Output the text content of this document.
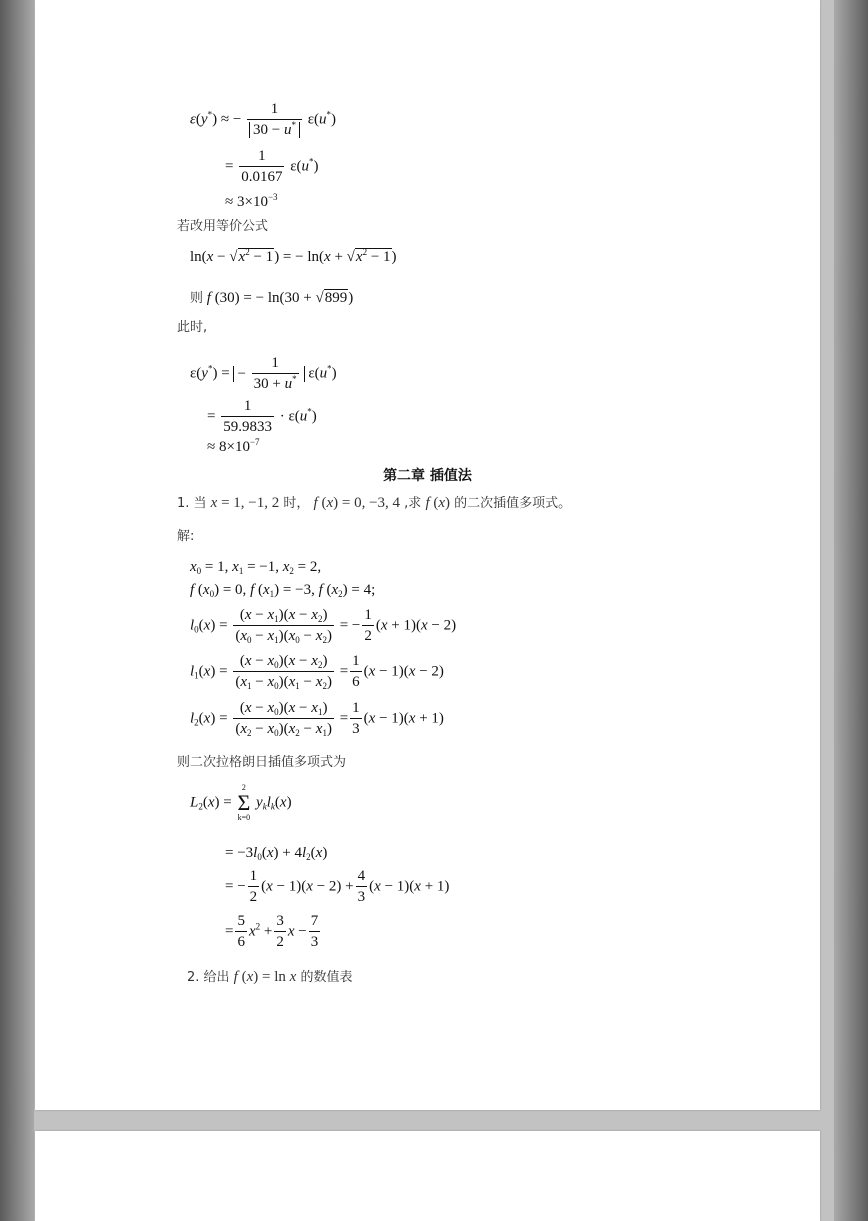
ε(y*) ≈ − $\frac{1}{30 - u^*} \varepsilon(u^*)$
= $\frac{1}{0.0167} \varepsilon(u^*)$
≈ $3\times 10^{-3}$
若改用等价公式
$\ln(x - √x^2 - 1)$ = − $\ln(x + √x^2 - 1)$
则 f (30) = − ln(30 + √899)
此时,
ε(y*) = − $\frac{1}{30 + u^*} \varepsilon(u^*)$
= $\frac{1}{59.9833} \cdot \varepsilon(u^*)$
≈ $8\times 10^{-7}$
第二章 插值法
1. 当 x = 1, −1, 2 时， f (x) = 0, −3, 4 ,求 f (x) 的二次插值多项式。
解:
$x_0 = 1$, $x_1 = -1$, $x_2 = 2$,
f $(x_0) = 0$, f $(x_1) = -3$, f $(x_2) = 4$;
$l_0(x) = \frac{(x - x_1)(x - x_2)}{(x_0 - x_1)(x_0 - x_2)}$ = − $\frac{1}{2} (x + 1)(x - 2)$
$l_1(x) = \frac{(x - x_0)(x - x_2)}{(x_1 - x_0)(x_1 - x_2)} = \frac{1}{6} (x - 1)(x - 2)$
$l_2(x) = \frac{(x - x_0)(x - x_1)}{(x_2 - x_0)(x_2 - x_1)} = \frac{1}{3} (x - 1)(x + 1)$
则二次拉格朗日插值多项式为
$L_2(x)$ =
2
Σ
k=0
$y_kl_k(x)$
= $-3l_0(x) + 4l_2(x)$
= − $\frac{1}{2} (x - 1)(x - 2) + \frac{4}{3} (x - 1)(x + 1)$
= $\frac{5}{6} x^2 + \frac{3}{2}$ $x - \frac{7}{3}$
2. 给出 f (x) = ln x 的数值表
